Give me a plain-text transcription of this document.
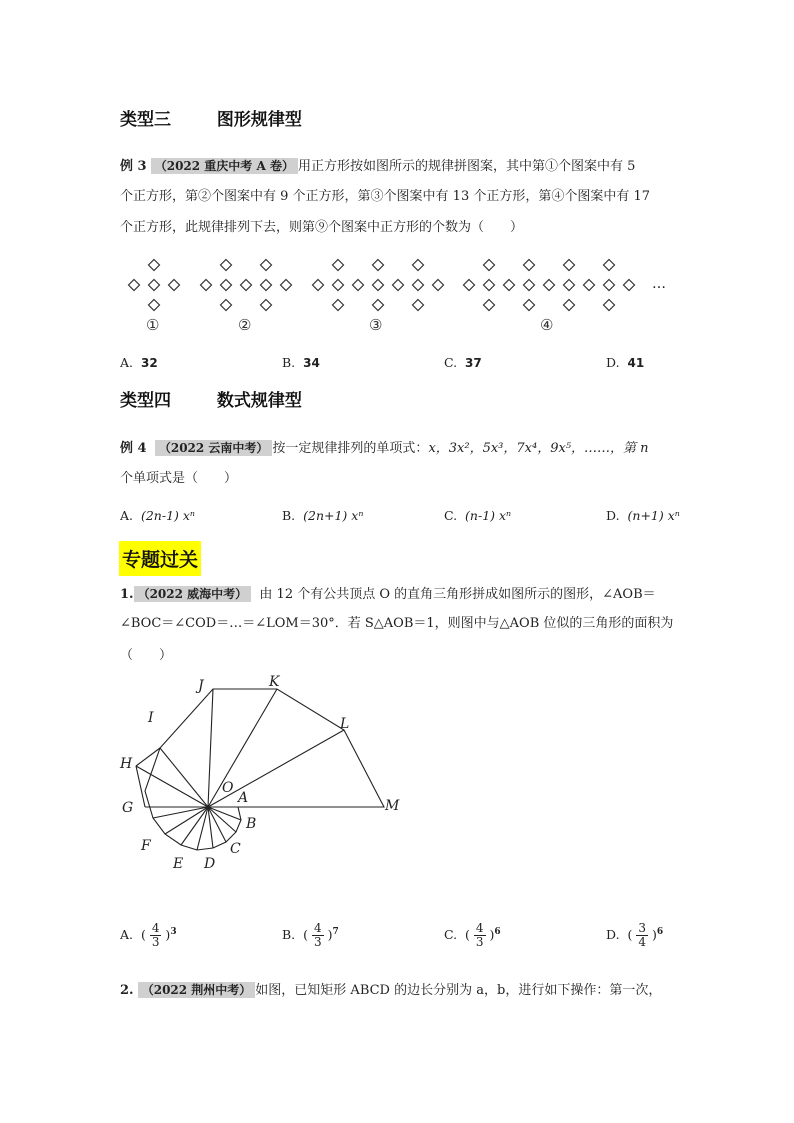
类型三	图形规律型
例 3 （2022 重庆中考 A 卷） 用正方形按如图所示的规律拼图案，其中第①个图案中有 5
个正方形，第②个图案中有 9 个正方形，第③个图案中有 13 个正方形，第④个图案中有 17
个正方形，此规律排列下去，则第⑨个图案中正方形的个数为（　　）
①	②	③	④
…
A. 32	B. 34	C. 37	D. 41
类型四	数式规律型
例 4 （2022 云南中考） 按一定规律排列的单项式：x，3x²，5x³，7x⁴，9x⁵，……，第 n
个单项式是（　　）
A. (2n-1) xⁿ	B. (2n+1) xⁿ	C. (n-1) xⁿ	D. (n+1) xⁿ
专题过关
1. （2022 威海中考） 由 12 个有公共顶点 O 的直角三角形拼成如图所示的图形，∠AOB＝
∠BOC＝∠COD＝…＝∠LOM＝30°．若 S△AOB＝1，则图中与△AOB 位似的三角形的面积为
（　　）
J	K
I	L
H
O
A
G	M
B
F	C
E D
A.  ( $\frac{4}{3} )^3$	B.  ( $\frac{4}{3} )^7$	C.  ( $\frac{4}{3} )^6$	D.  ( $\frac{3}{4} )^6$
2. （2022 荆州中考） 如图，已知矩形 ABCD 的边长分别为 a，b，进行如下操作：第一次，
